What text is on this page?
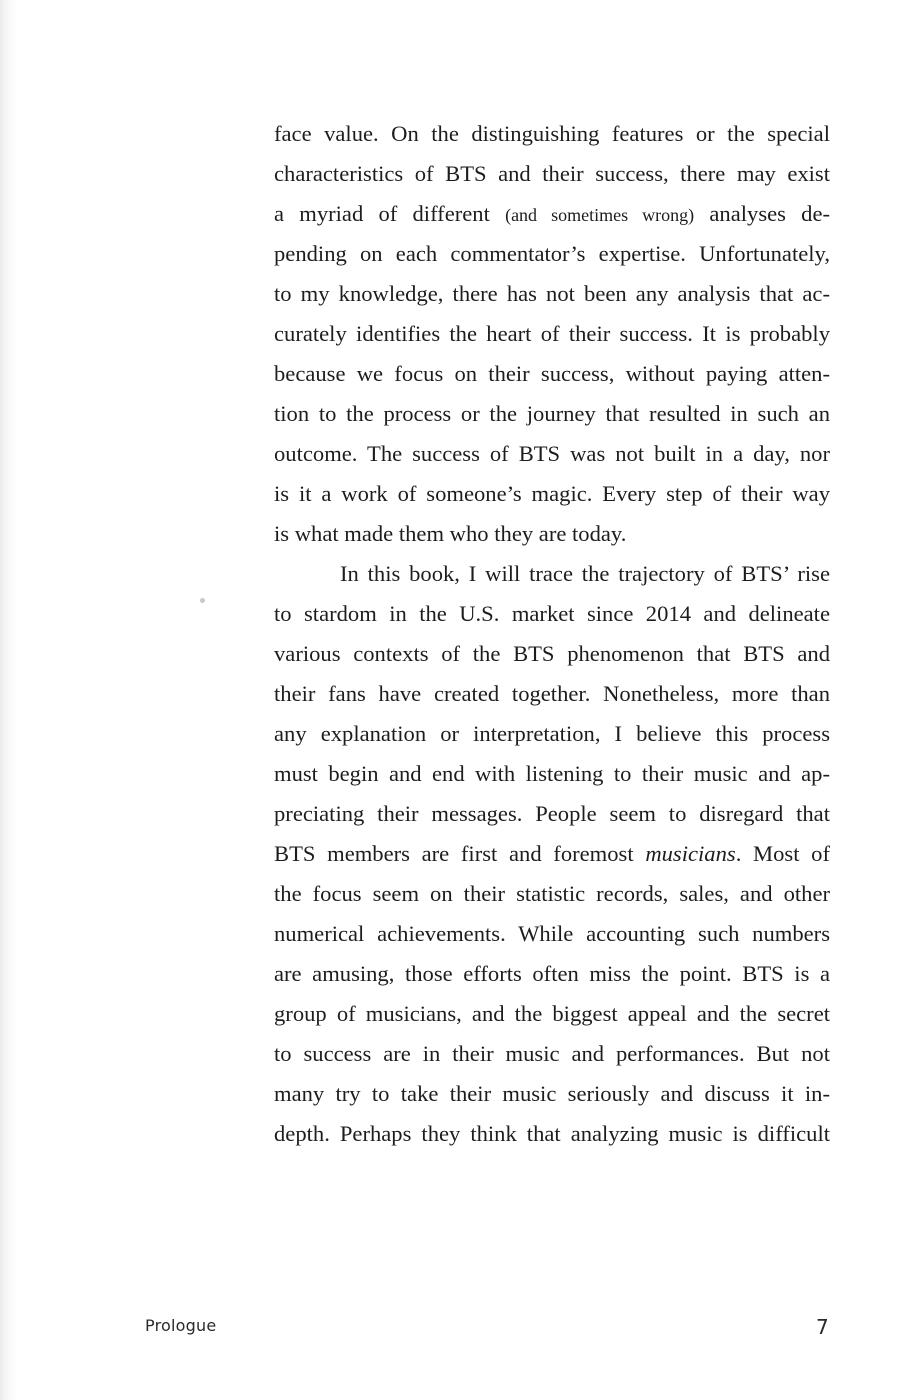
face value. On the distinguishing features or the special
characteristics of BTS and their success, there may exist
a myriad of different (and sometimes wrong) analyses de-
pending on each commentator’s expertise. Unfortunately,
to my knowledge, there has not been any analysis that ac-
curately identifies the heart of their success. It is probably
because we focus on their success, without paying atten-
tion to the process or the journey that resulted in such an
outcome. The success of BTS was not built in a day, nor
is it a work of someone’s magic. Every step of their way
is what made them who they are today.
In this book, I will trace the trajectory of BTS’ rise
to stardom in the U.S. market since 2014 and delineate
various contexts of the BTS phenomenon that BTS and
their fans have created together. Nonetheless, more than
any explanation or interpretation, I believe this process
must begin and end with listening to their music and ap-
preciating their messages. People seem to disregard that
BTS members are first and foremost musicians. Most of
the focus seem on their statistic records, sales, and other
numerical achievements. While accounting such numbers
are amusing, those efforts often miss the point. BTS is a
group of musicians, and the biggest appeal and the secret
to success are in their music and performances. But not
many try to take their music seriously and discuss it in-
depth. Perhaps they think that analyzing music is difficult
Prologue	7
